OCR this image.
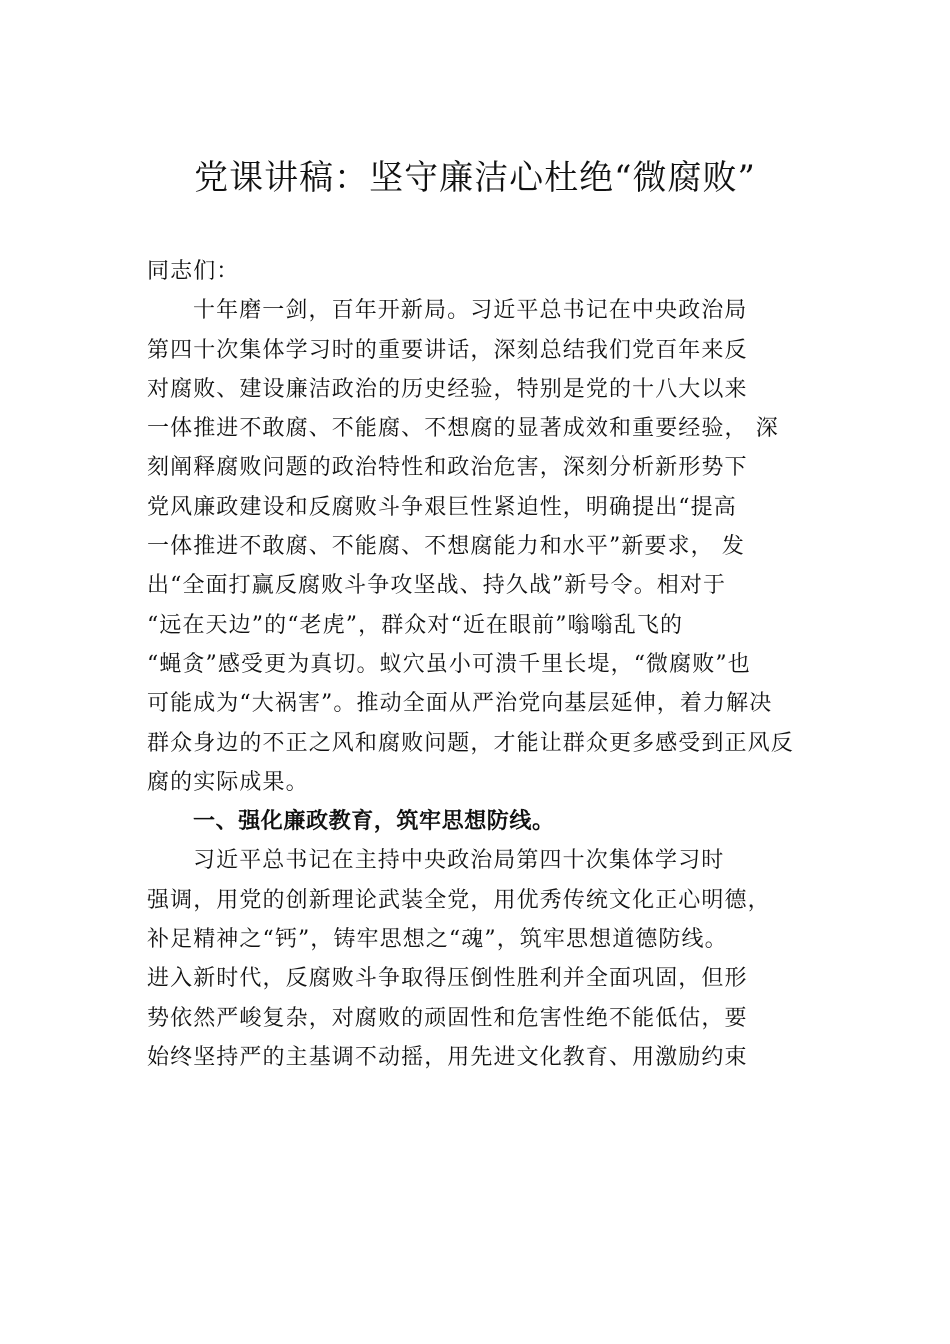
党课讲稿：坚守廉洁心杜绝“微腐败”
同志们：
十年磨一剑，百年开新局。习近平总书记在中央政治局
第四十次集体学习时的重要讲话，深刻总结我们党百年来反
对腐败、建设廉洁政治的历史经验，特别是党的十八大以来
一体推进不敢腐、不能腐、不想腐的显著成效和重要经验， 深
刻阐释腐败问题的政治特性和政治危害，深刻分析新形势下
党风廉政建设和反腐败斗争艰巨性紧迫性，明确提出“提高
一体推进不敢腐、不能腐、不想腐能力和水平”新要求， 发
出“全面打赢反腐败斗争攻坚战、持久战”新号令。相对于
“远在天边”的“老虎”，群众对“近在眼前”嗡嗡乱飞的
“蝇贪”感受更为真切。蚁穴虽小可溃千里长堤，“微腐败”也
可能成为“大祸害”。推动全面从严治党向基层延伸，着力解决
群众身边的不正之风和腐败问题，才能让群众更多感受到正风反
腐的实际成果。
一、强化廉政教育，筑牢思想防线。
习近平总书记在主持中央政治局第四十次集体学习时
强调，用党的创新理论武装全党，用优秀传统文化正心明德，
补足精神之“钙”，铸牢思想之“魂”，筑牢思想道德防线。
进入新时代，反腐败斗争取得压倒性胜利并全面巩固，但形
势依然严峻复杂，对腐败的顽固性和危害性绝不能低估，要
始终坚持严的主基调不动摇，用先进文化教育、用激励约束
